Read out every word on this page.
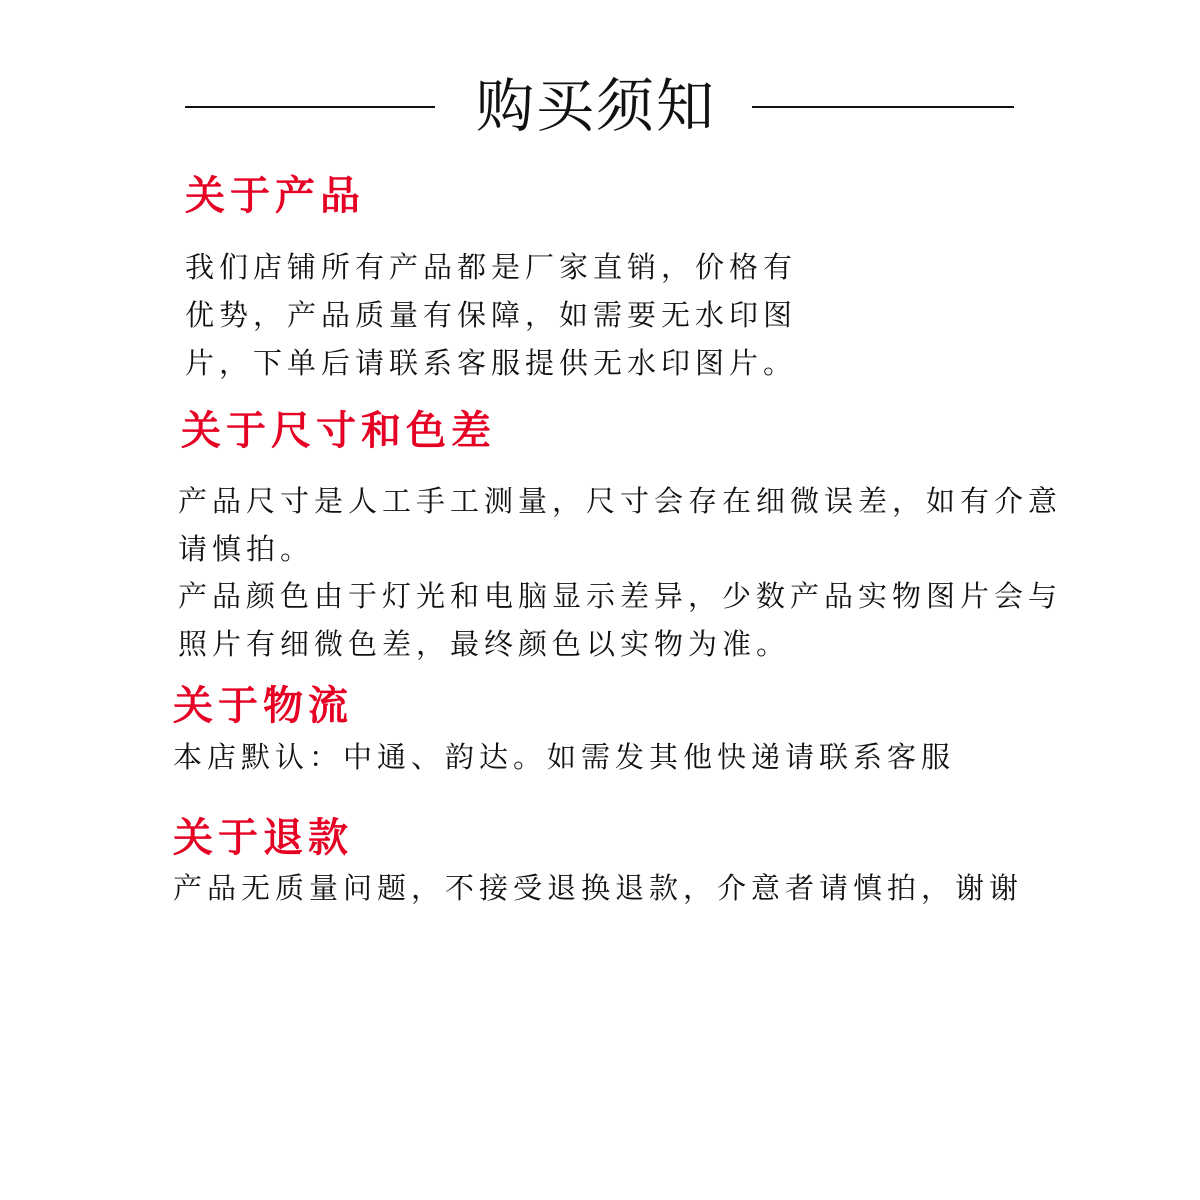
购买须知
关于产品
我们店铺所有产品都是厂家直销，价格有
优势，产品质量有保障，如需要无水印图
片，下单后请联系客服提供无水印图片。
关于尺寸和色差
产品尺寸是人工手工测量，尺寸会存在细微误差，如有介意
请慎拍。
产品颜色由于灯光和电脑显示差异，少数产品实物图片会与
照片有细微色差，最终颜色以实物为准。
关于物流
本店默认：中通、韵达。如需发其他快递请联系客服
关于退款
产品无质量问题，不接受退换退款，介意者请慎拍，谢谢
